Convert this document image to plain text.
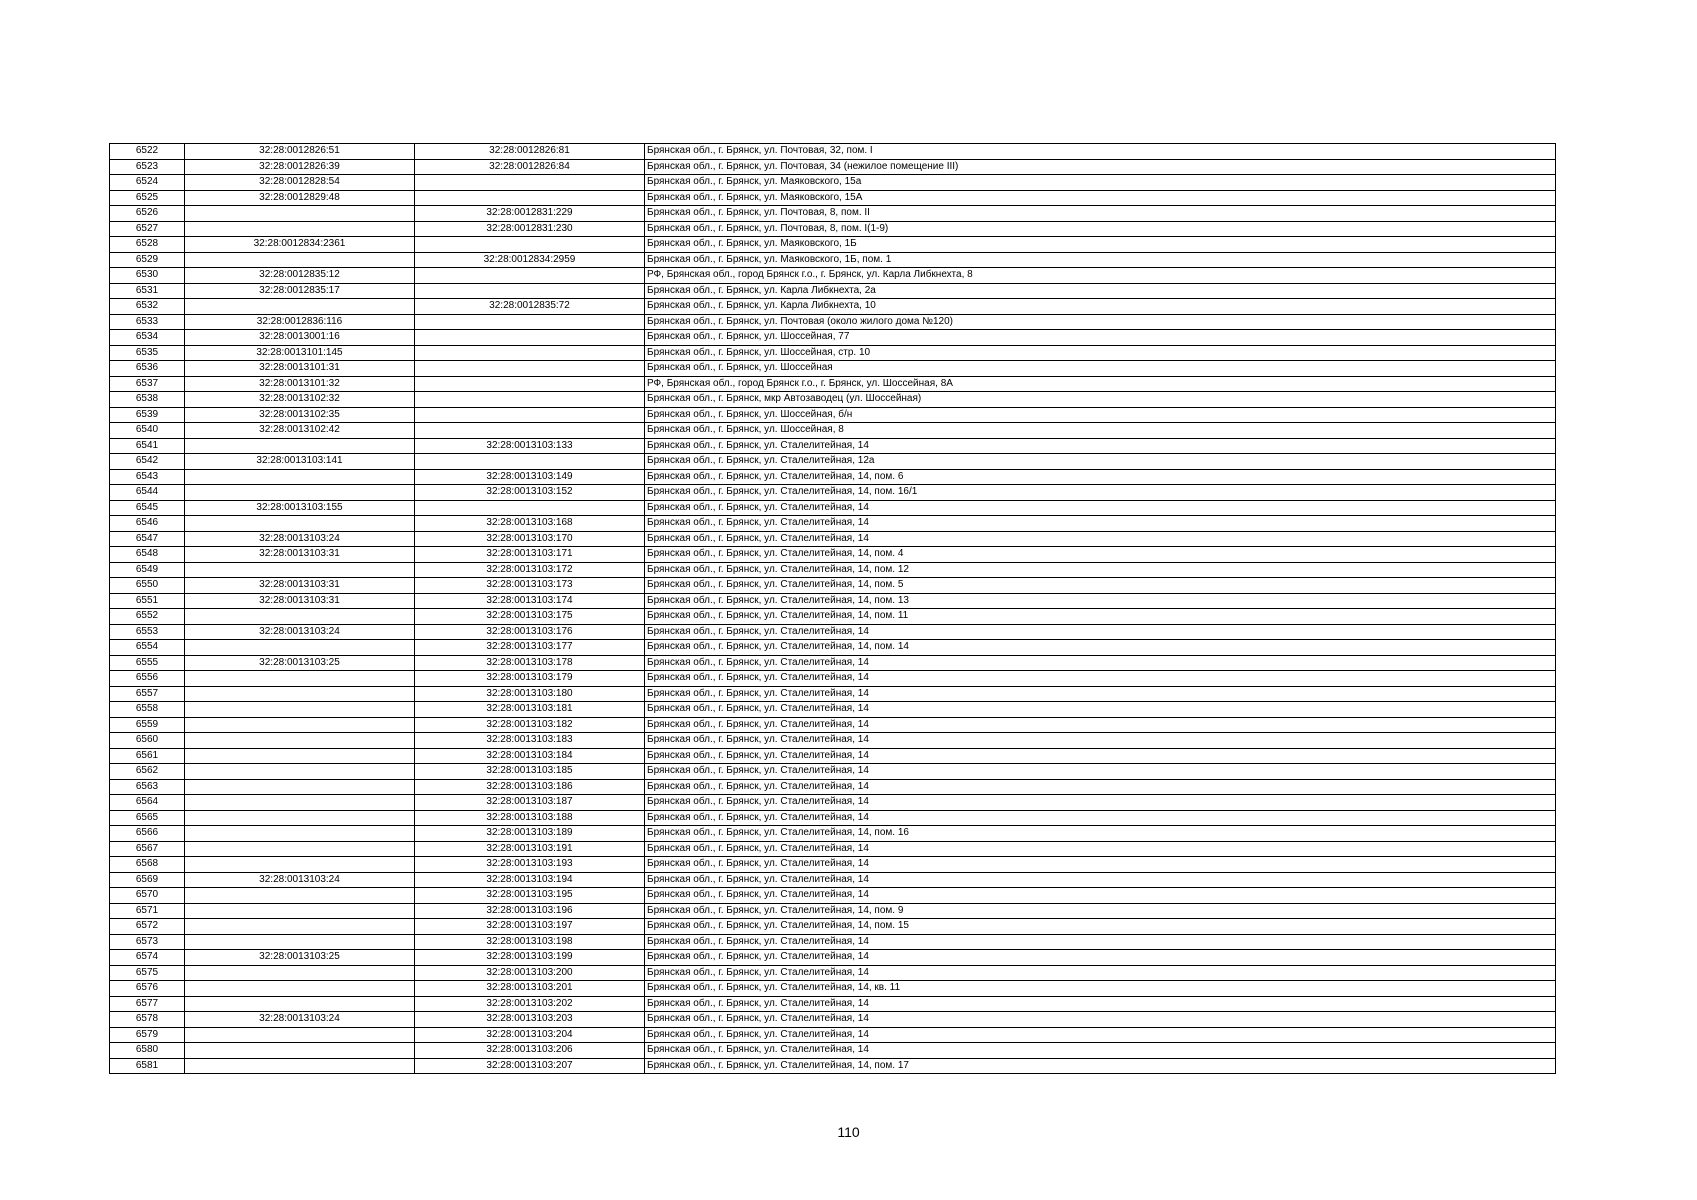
6522	32:28:0012826:51	32:28:0012826:81	Брянская обл., г. Брянск, ул. Почтовая, 32, пом. I
6523	32:28:0012826:39	32:28:0012826:84	Брянская обл., г. Брянск, ул. Почтовая, 34 (нежилое помещение III)
6524	32:28:0012828:54		Брянская обл., г. Брянск, ул. Маяковского, 15а
6525	32:28:0012829:48		Брянская обл., г. Брянск, ул. Маяковского, 15А
6526		32:28:0012831:229	Брянская обл., г. Брянск, ул. Почтовая, 8, пом. II
6527		32:28:0012831:230	Брянская обл., г. Брянск, ул. Почтовая, 8, пом. I(1-9)
6528	32:28:0012834:2361		Брянская обл., г. Брянск, ул. Маяковского, 1Б
6529		32:28:0012834:2959	Брянская обл., г. Брянск, ул. Маяковского, 1Б, пом. 1
6530	32:28:0012835:12		РФ, Брянская обл., город Брянск г.о., г. Брянск, ул. Карла Либкнехта, 8
6531	32:28:0012835:17		Брянская обл., г. Брянск, ул. Карла Либкнехта, 2а
6532		32:28:0012835:72	Брянская обл., г. Брянск, ул. Карла Либкнехта, 10
6533	32:28:0012836:116		Брянская обл., г. Брянск, ул. Почтовая (около жилого дома №120)
6534	32:28:0013001:16		Брянская обл., г. Брянск, ул. Шоссейная, 77
6535	32:28:0013101:145		Брянская обл., г. Брянск, ул. Шоссейная, стр. 10
6536	32:28:0013101:31		Брянская обл., г. Брянск, ул. Шоссейная
6537	32:28:0013101:32		РФ, Брянская обл., город Брянск г.о., г. Брянск, ул. Шоссейная, 8А
6538	32:28:0013102:32		Брянская обл., г. Брянск, мкр Автозаводец (ул. Шоссейная)
6539	32:28:0013102:35		Брянская обл., г. Брянск, ул. Шоссейная, б/н
6540	32:28:0013102:42		Брянская обл., г. Брянск, ул. Шоссейная, 8
6541		32:28:0013103:133	Брянская обл., г. Брянск, ул. Сталелитейная, 14
6542	32:28:0013103:141		Брянская обл., г. Брянск, ул. Сталелитейная, 12а
6543		32:28:0013103:149	Брянская обл., г. Брянск, ул. Сталелитейная, 14, пом. 6
6544		32:28:0013103:152	Брянская обл., г. Брянск, ул. Сталелитейная, 14, пом. 16/1
6545	32:28:0013103:155		Брянская обл., г. Брянск, ул. Сталелитейная, 14
6546		32:28:0013103:168	Брянская обл., г. Брянск, ул. Сталелитейная, 14
6547	32:28:0013103:24	32:28:0013103:170	Брянская обл., г. Брянск, ул. Сталелитейная, 14
6548	32:28:0013103:31	32:28:0013103:171	Брянская обл., г. Брянск, ул. Сталелитейная, 14, пом. 4
6549		32:28:0013103:172	Брянская обл., г. Брянск, ул. Сталелитейная, 14, пом. 12
6550	32:28:0013103:31	32:28:0013103:173	Брянская обл., г. Брянск, ул. Сталелитейная, 14, пом. 5
6551	32:28:0013103:31	32:28:0013103:174	Брянская обл., г. Брянск, ул. Сталелитейная, 14, пом. 13
6552		32:28:0013103:175	Брянская обл., г. Брянск, ул. Сталелитейная, 14, пом. 11
6553	32:28:0013103:24	32:28:0013103:176	Брянская обл., г. Брянск, ул. Сталелитейная, 14
6554		32:28:0013103:177	Брянская обл., г. Брянск, ул. Сталелитейная, 14, пом. 14
6555	32:28:0013103:25	32:28:0013103:178	Брянская обл., г. Брянск, ул. Сталелитейная, 14
6556		32:28:0013103:179	Брянская обл., г. Брянск, ул. Сталелитейная, 14
6557		32:28:0013103:180	Брянская обл., г. Брянск, ул. Сталелитейная, 14
6558		32:28:0013103:181	Брянская обл., г. Брянск, ул. Сталелитейная, 14
6559		32:28:0013103:182	Брянская обл., г. Брянск, ул. Сталелитейная, 14
6560		32:28:0013103:183	Брянская обл., г. Брянск, ул. Сталелитейная, 14
6561		32:28:0013103:184	Брянская обл., г. Брянск, ул. Сталелитейная, 14
6562		32:28:0013103:185	Брянская обл., г. Брянск, ул. Сталелитейная, 14
6563		32:28:0013103:186	Брянская обл., г. Брянск, ул. Сталелитейная, 14
6564		32:28:0013103:187	Брянская обл., г. Брянск, ул. Сталелитейная, 14
6565		32:28:0013103:188	Брянская обл., г. Брянск, ул. Сталелитейная, 14
6566		32:28:0013103:189	Брянская обл., г. Брянск, ул. Сталелитейная, 14, пом. 16
6567		32:28:0013103:191	Брянская обл., г. Брянск, ул. Сталелитейная, 14
6568		32:28:0013103:193	Брянская обл., г. Брянск, ул. Сталелитейная, 14
6569	32:28:0013103:24	32:28:0013103:194	Брянская обл., г. Брянск, ул. Сталелитейная, 14
6570		32:28:0013103:195	Брянская обл., г. Брянск, ул. Сталелитейная, 14
6571		32:28:0013103:196	Брянская обл., г. Брянск, ул. Сталелитейная, 14, пом. 9
6572		32:28:0013103:197	Брянская обл., г. Брянск, ул. Сталелитейная, 14, пом. 15
6573		32:28:0013103:198	Брянская обл., г. Брянск, ул. Сталелитейная, 14
6574	32:28:0013103:25	32:28:0013103:199	Брянская обл., г. Брянск, ул. Сталелитейная, 14
6575		32:28:0013103:200	Брянская обл., г. Брянск, ул. Сталелитейная, 14
6576		32:28:0013103:201	Брянская обл., г. Брянск, ул. Сталелитейная, 14, кв. 11
6577		32:28:0013103:202	Брянская обл., г. Брянск, ул. Сталелитейная, 14
6578	32:28:0013103:24	32:28:0013103:203	Брянская обл., г. Брянск, ул. Сталелитейная, 14
6579		32:28:0013103:204	Брянская обл., г. Брянск, ул. Сталелитейная, 14
6580		32:28:0013103:206	Брянская обл., г. Брянск, ул. Сталелитейная, 14
6581		32:28:0013103:207	Брянская обл., г. Брянск, ул. Сталелитейная, 14, пом. 17
110
